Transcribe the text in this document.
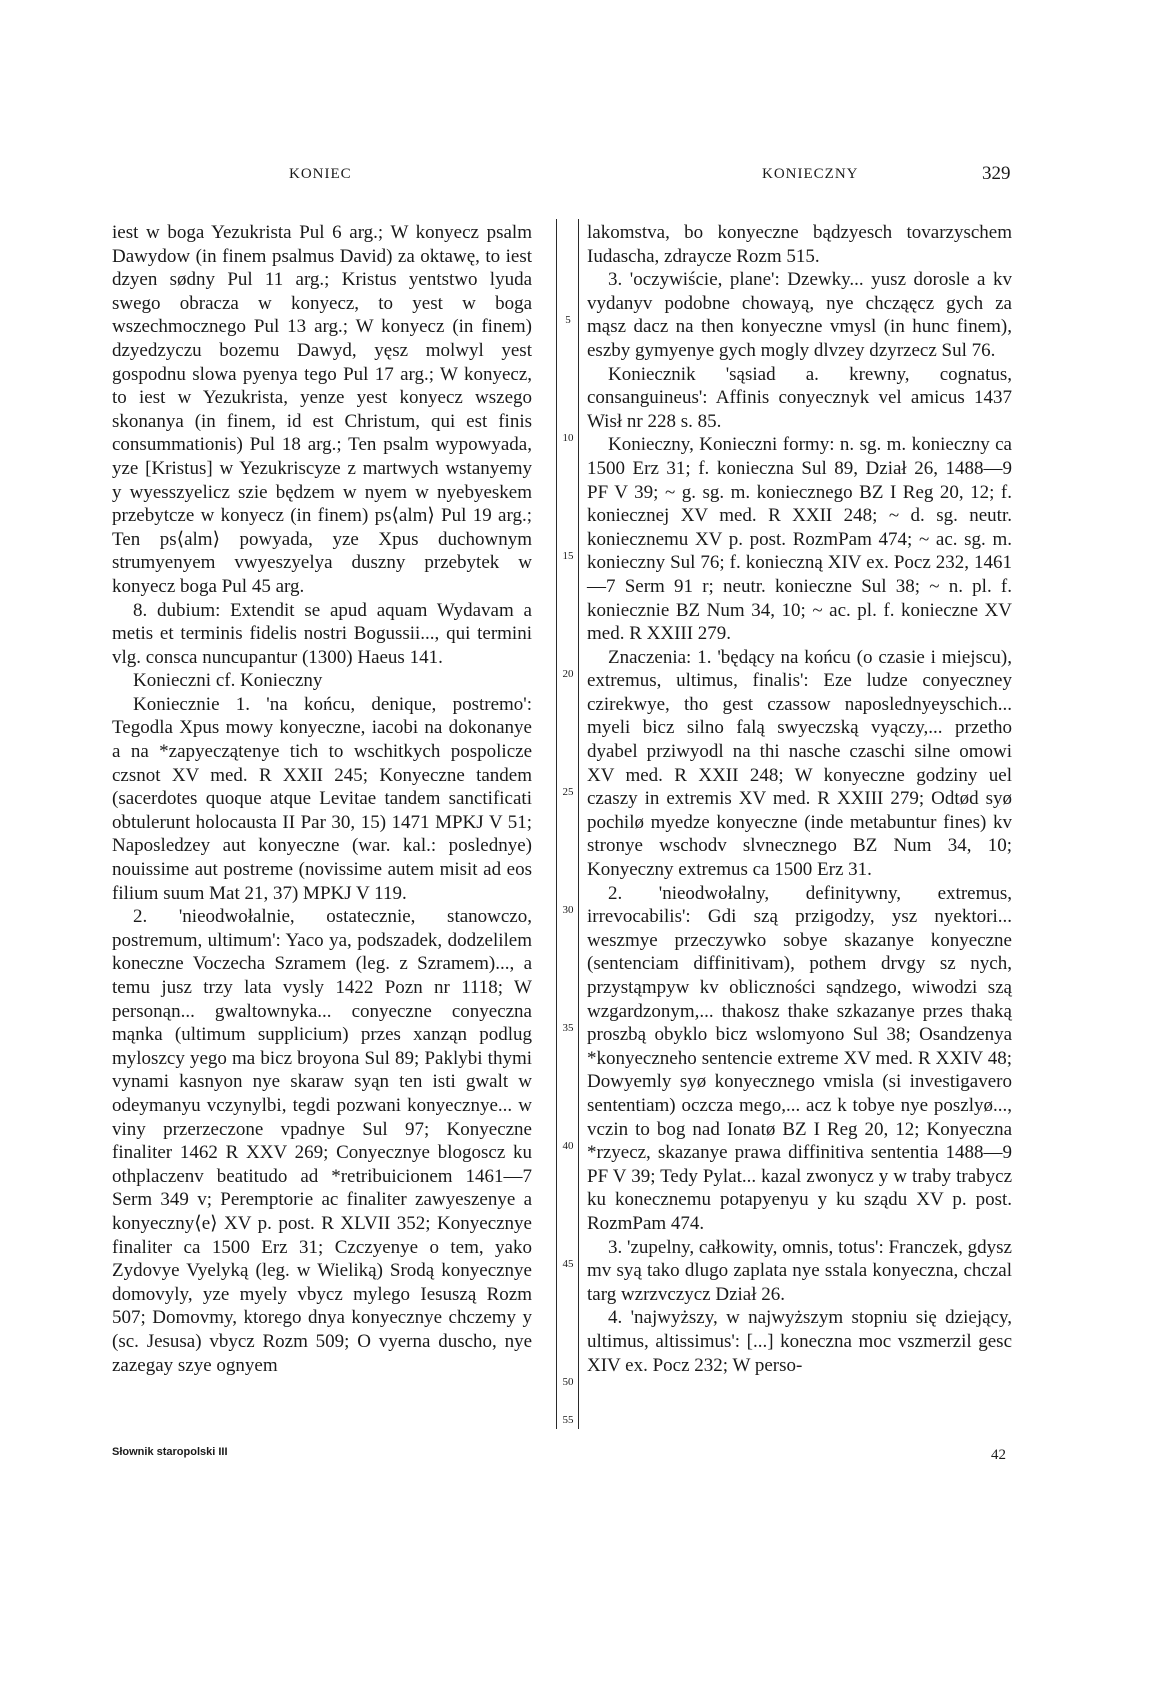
KONIEC	KONIECZNY	329

iest w boga Yezukrista Pul 6 arg.; W konyecz psalm Dawydow (in finem psalmus David) za oktawę, to iest dzyen sødny Pul 11 arg.; Kristus yentstwo lyuda swego obracza w konyecz, to yest w boga wszechmocznego Pul 13 arg.; W konyecz (in finem) dzyedzyczu bozemu Dawyd, yęsz molwyl yest gospodnu slowa pyenya tego Pul 17 arg.; W konyecz, to iest w Yezukrista, yenze yest konyecz wszego skonanya (in finem, id est Christum, qui est finis consummationis) Pul 18 arg.; Ten psalm wypowyada, yze [Kristus] w Yezukriscyze z martwych wstanyemy y wyesszyelicz szie będzem w nyem w nyebyeskem przebytcze w konyecz (in finem) ps⟨alm⟩ Pul 19 arg.; Ten ps⟨alm⟩ powyada, yze Xpus duchownym strumyenyem vwyeszyelya duszny przebytek w konyecz boga Pul 45 arg.

8. dubium: Extendit se apud aquam Wydavam a metis et terminis fidelis nostri Bogussii..., qui termini vlg. consca nuncupantur (1300) Haeus 141.

Konieczni cf. Konieczny

Koniecznie 1. 'na końcu, denique, postremo': Tegodla Xpus mowy konyeczne, iacobi na dokonanye a na *zapyeczątenye tich to wschitkych pospolicze czsnot XV med. R XXII 245; Konyeczne tandem (sacerdotes quoque atque Levitae tandem sanctificati obtulerunt holocausta II Par 30, 15) 1471 MPKJ V 51; Naposledzey aut konyeczne (war. kal.: poslednye) nouissime aut postreme (novissime autem misit ad eos filium suum Mat 21, 37) MPKJ V 119.

2. 'nieodwołalnie, ostatecznie, stanowczo, postremum, ultimum': Yaco ya, podszadek, dodzelilem koneczne Voczecha Szramem (leg. z Szramem)..., a temu jusz trzy lata vysly 1422 Pozn nr 1118; W personąn... gwaltownyka... conyeczne conyeczna mąnka (ultimum supplicium) przes xanząn podlug myloszcy yego ma bicz broyona Sul 89; Paklybi thymi vynami kasnyon nye skaraw syąn ten isti gwalt w odeymanyu vczynylbi, tegdi pozwani konyecznye... w viny przerzeczone vpadnye Sul 97; Konyeczne finaliter 1462 R XXV 269; Conyecznye blogoscz ku othplaczenv beatitudo ad *retribuicionem 1461—7 Serm 349 v; Peremptorie ac finaliter zawyeszenye a konyeczny⟨e⟩ XV p. post. R XLVII 352; Konyecznye finaliter ca 1500 Erz 31; Czczyenye o tem, yako Zydovye Vyelyką (leg. w Wieliką) Srodą konyecznye domovyly, yze myely vbycz mylego Iesuszą Rozm 507; Domovmy, ktorego dnya konyecznye chczemy y (sc. Jesusa) vbycz Rozm 509; O vyerna duscho, nye zazegay szye ognyem

lakomstva, bo konyeczne bądzyesch tovarzyschem Iudascha, zdraycze Rozm 515.

3. 'oczywiście, plane': Dzewky... yusz dorosle a kv vydanyv podobne chowayą, nye chcząęcz gych za mąsz dacz na then konyeczne vmysl (in hunc finem), eszby gymyenye gych mogly dlvzey dzyrzecz Sul 76.

Koniecznik 'sąsiad a. krewny, cognatus, consanguineus': Affinis conyecznyk vel amicus 1437 Wisł nr 228 s. 85.

Konieczny, Konieczni formy: n. sg. m. konieczny ca 1500 Erz 31; f. konieczna Sul 89, Dział 26, 1488—9 PF V 39; ~ g. sg. m. koniecznego BZ I Reg 20, 12; f. koniecznej XV med. R XXII 248; ~ d. sg. neutr. koniecznemu XV p. post. RozmPam 474; ~ ac. sg. m. konieczny Sul 76; f. konieczną XIV ex. Pocz 232, 1461—7 Serm 91 r; neutr. konieczne Sul 38; ~ n. pl. f. koniecznie BZ Num 34, 10; ~ ac. pl. f. konieczne XV med. R XXIII 279.

Znaczenia: 1. 'będący na końcu (o czasie i miejscu), extremus, ultimus, finalis': Eze ludze conyeczney czirekwye, tho gest czassow naposlednyeyschich... myeli bicz silno falą swyeczską vyączy,... przetho dyabel prziwyodl na thi nasche czaschi silne omowi XV med. R XXII 248; W konyeczne godziny uel czaszy in extremis XV med. R XXIII 279; Odtød syø pochilø myedze konyeczne (inde metabuntur fines) kv stronye wschodv slvnecznego BZ Num 34, 10; Konyeczny extremus ca 1500 Erz 31.

2. 'nieodwołalny, definitywny, extremus, irrevocabilis': Gdi szą przigodzy, ysz nyektori... weszmye przeczywko sobye skazanye konyeczne (sentenciam diffinitivam), pothem drvgy sz nych, przystąmpyw kv obliczności sąndzego, wiwodzi szą wzgardzonym,... thakosz thake szkazanye przes thaką proszbą obyklo bicz wslomyono Sul 38; Osandzenya *konyeczneho sentencie extreme XV med. R XXIV 48; Dowyemly syø konyecznego vmisla (si investigavero sententiam) oczcza mego,... acz k tobye nye poszlyø..., vczin to bog nad Ionatø BZ I Reg 20, 12; Konyeczna *rzyecz, skazanye prawa diffinitiva sententia 1488—9 PF V 39; Tedy Pylat... kazal zwonycz y w traby trabycz ku konecznemu potapyenyu y ku sządu XV p. post. RozmPam 474.

3. 'zupelny, całkowity, omnis, totus': Franczek, gdysz mv syą tako dlugo zaplata nye sstala konyeczna, chczal targ wzrzvczycz Dział 26.

4. 'najwyższy, w najwyższym stopniu się dziejący, ultimus, altissimus': [...] koneczna moc vszmerzil gesc XIV ex. Pocz 232; W perso-

5
10
15
20
25
30
35
40
45
50
55
Słownik staropolski III	42
